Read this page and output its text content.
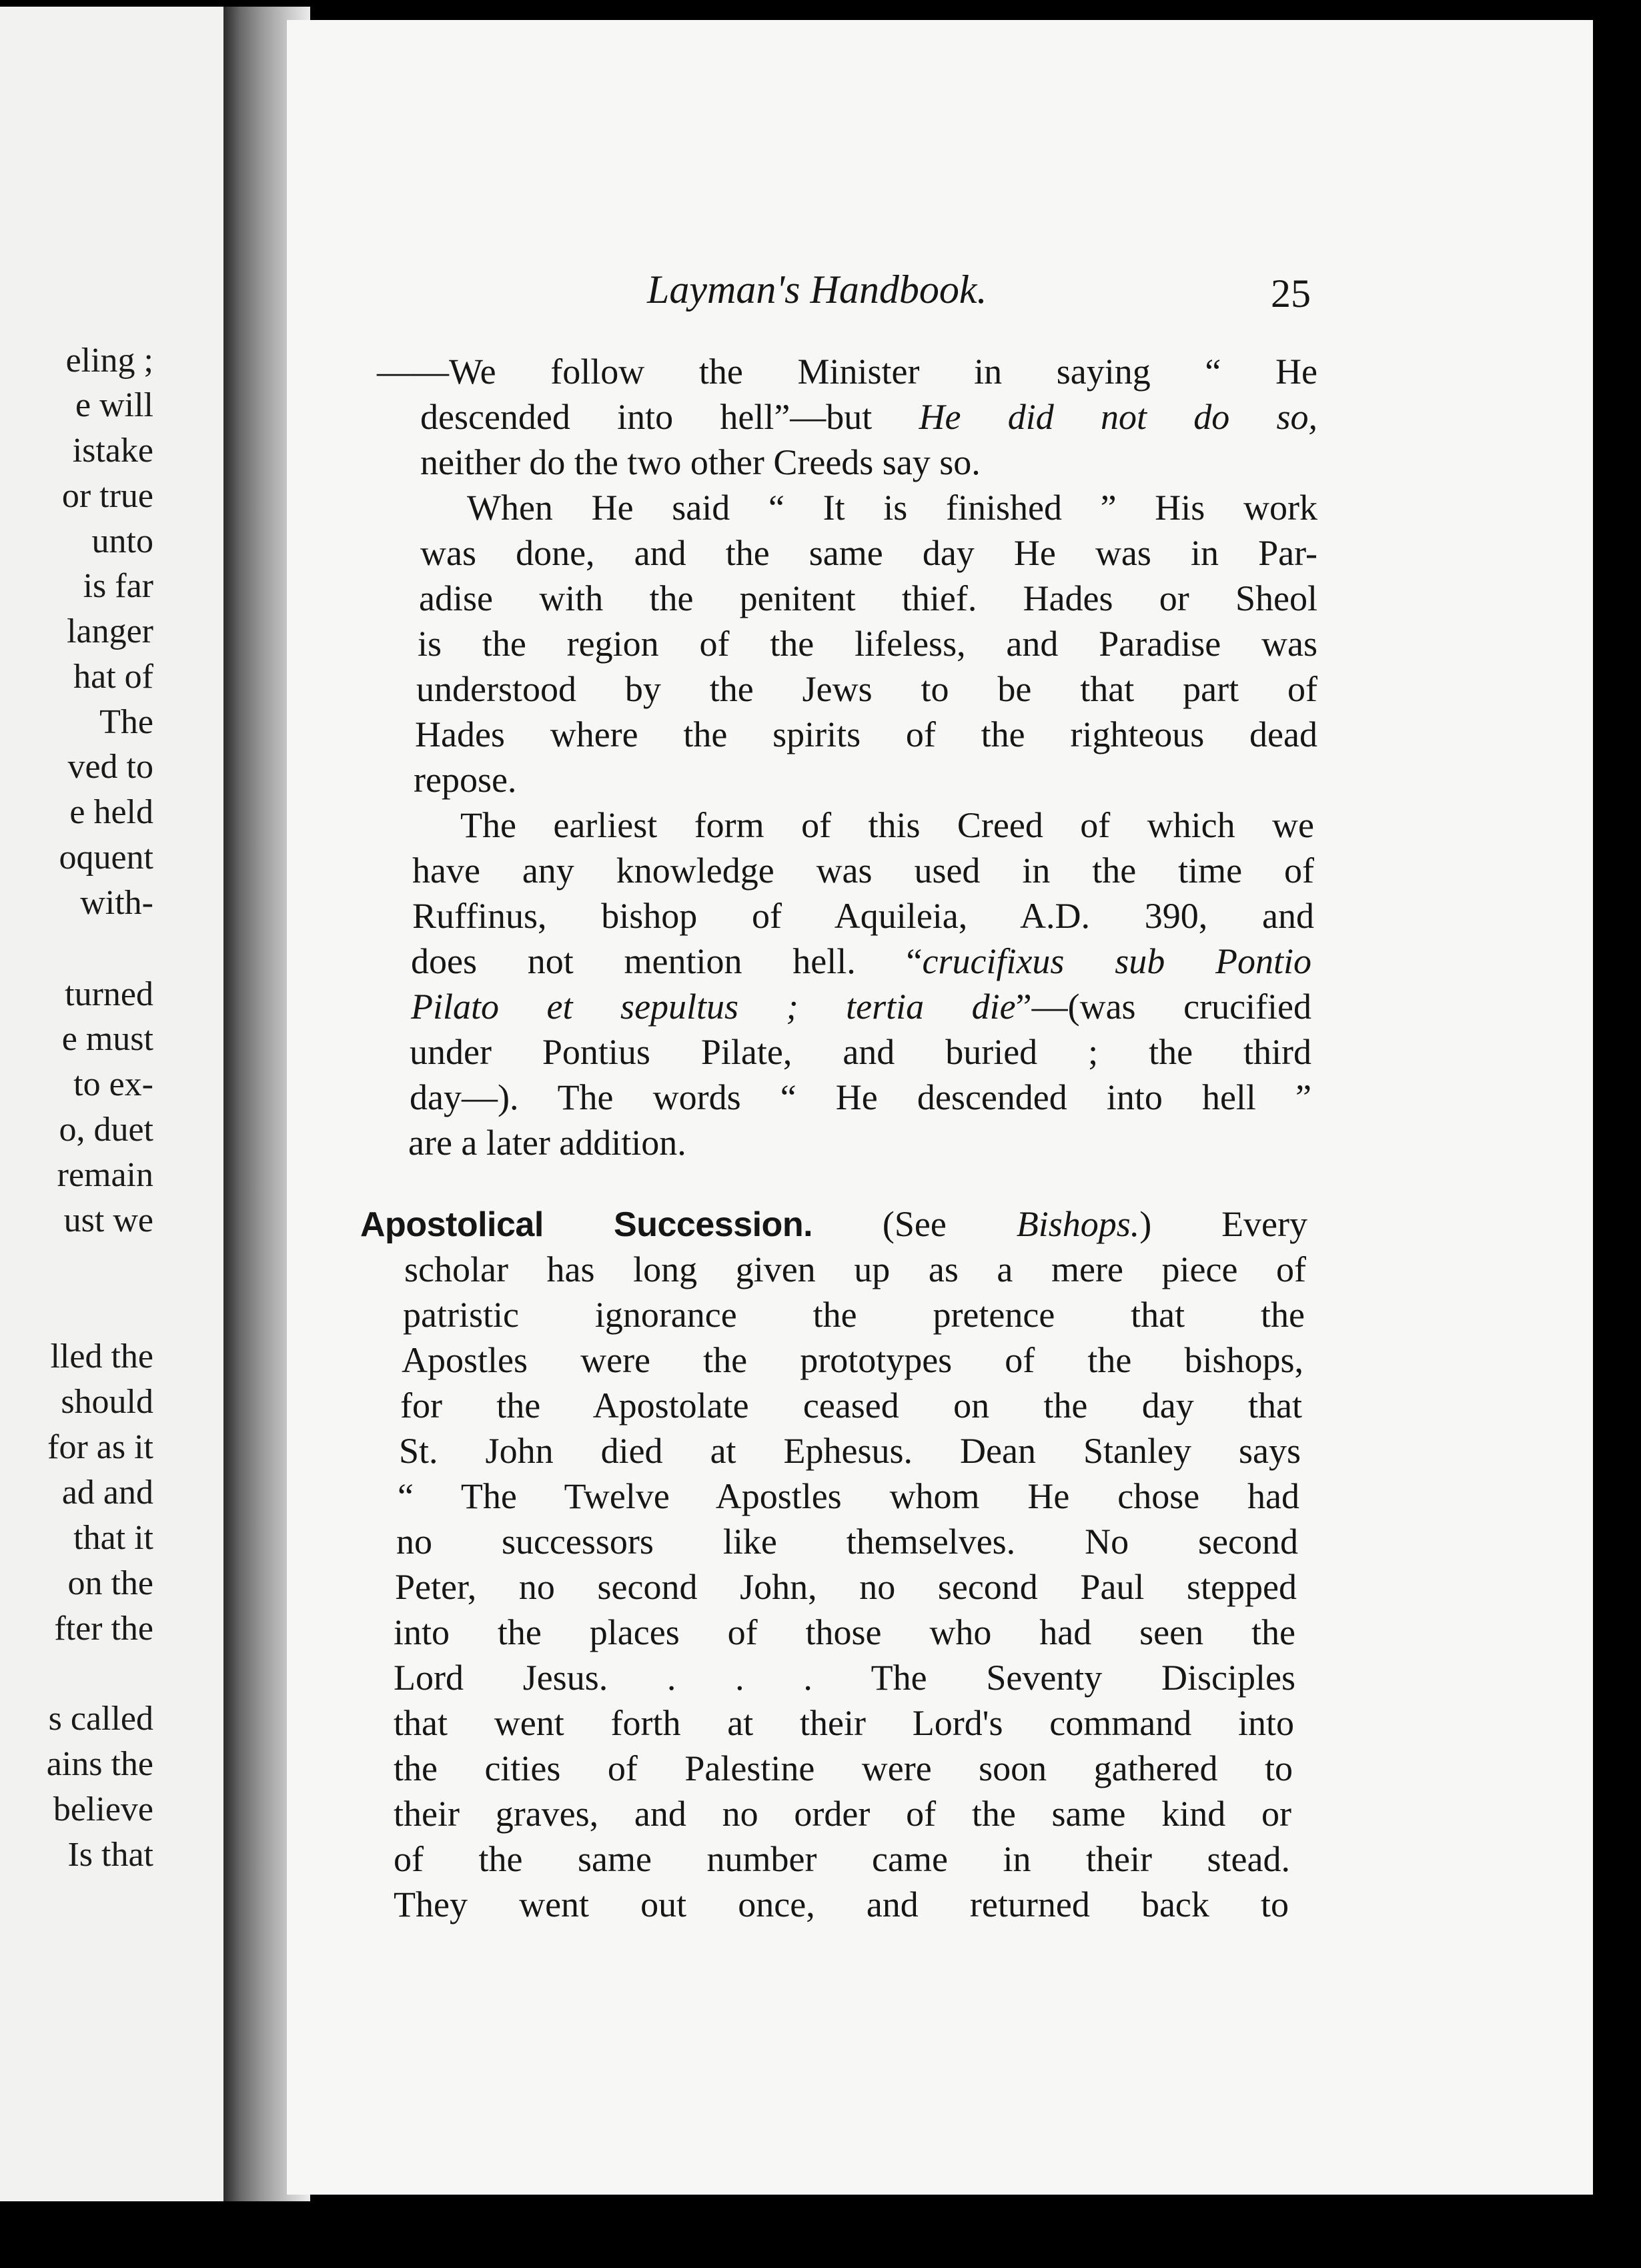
eling ;
e will
istake
or true
unto
is far
langer
hat of
The
ved to
e held
oquent
with-
turned
e must
to ex-
o, duet
remain
ust we
lled the
should
for as it
ad and
that it
on the
fter the
s called
ains the
believe
Is that
Layman's Handbook.	25
——We follow the Minister in saying “ He
descended into hell”—but He did not do so,
neither do the two other Creeds say so.
When He said “ It is finished ” His work
was done, and the same day He was in Par-
adise with the penitent thief. Hades or Sheol
is the region of the lifeless, and Paradise was
understood by the Jews to be that part of
Hades where the spirits of the righteous dead
repose.
The earliest form of this Creed of which we
have any knowledge was used in the time of
Ruffinus, bishop of Aquileia, A.D. 390, and
does not mention hell. “crucifixus sub Pontio
Pilato et sepultus ; tertia die”—(was crucified
under Pontius Pilate, and buried ; the third
day—). The words “ He descended into hell ”
are a later addition.
Apostolical Succession. (See Bishops.) Every
scholar has long given up as a mere piece of
patristic ignorance the pretence that the
Apostles were the prototypes of the bishops,
for the Apostolate ceased on the day that
St. John died at Ephesus. Dean Stanley says
“ The Twelve Apostles whom He chose had
no successors like themselves. No second
Peter, no second John, no second Paul stepped
into the places of those who had seen the
Lord Jesus. . . . The Seventy Disciples
that went forth at their Lord's command into
the cities of Palestine were soon gathered to
their graves, and no order of the same kind or
of the same number came in their stead.
They went out once, and returned back to
